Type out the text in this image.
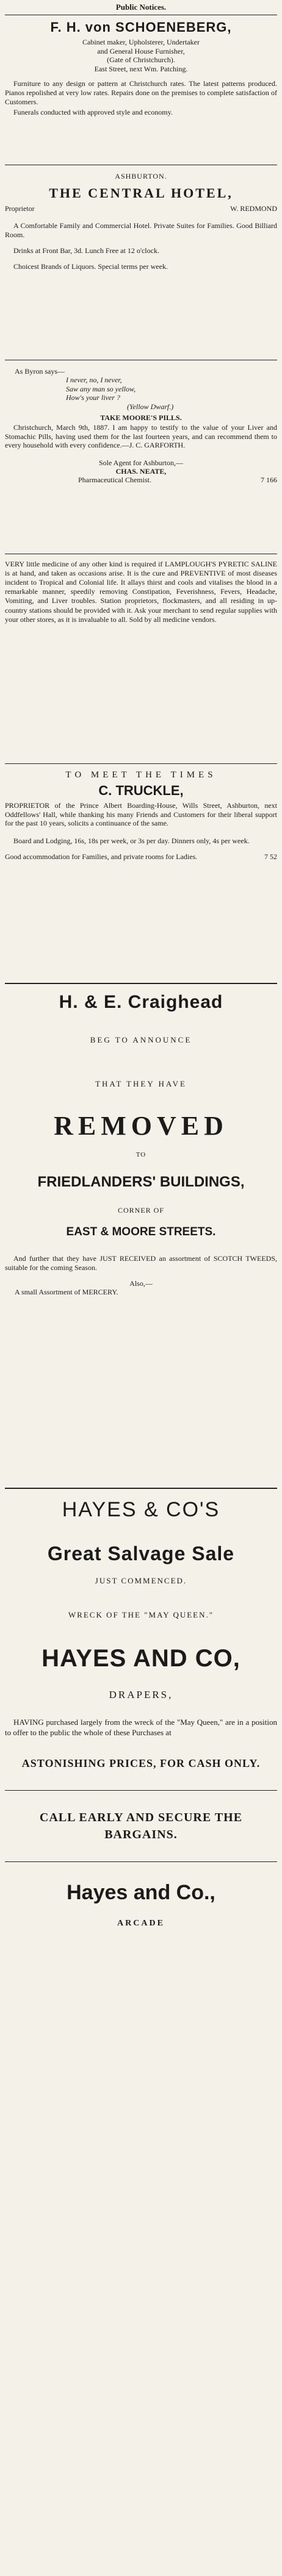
Public Notices.
F. H. von SCHOENEBERG,
Cabinet maker, Upholsterer, Undertaker
and General House Furnisher,
(Gate of Christchurch).
East Street, next Wm. Patching.

Furniture to any design or pattern at Christchurch rates. The latest patterns produced. Pianos repolished at very low rates. Repairs done on the premises to complete satisfaction of Customers.

Funerals conducted with approved style and economy.

ASHBURTON.
THE CENTRAL HOTEL,
Proprietor	W. REDMOND

A Comfortable Family and Commercial Hotel. Private Suites for Families. Good Billiard Room.

Drinks at Front Bar, 3d. Lunch Free at 12 o'clock.

Choicest Brands of Liquors. Special terms per week.

As Byron says—
I never, no, I never,
Saw any man so yellow,
How's your liver ?
(Yellow Dwarf.)
TAKE MOORE'S PILLS.

Christchurch, March 9th, 1887. I am happy to testify to the value of your Liver and Stomachic Pills, having used them for the last fourteen years, and can recommend them to every household with every confidence.—J. C. GARFORTH.

Sole Agent for Ashburton,—
CHAS. NEATE,
Pharmaceutical Chemist.	7 166

VERY little medicine of any other kind is required if LAMPLOUGH'S PYRETIC SALINE is at hand, and taken as occasions arise. It is the cure and PREVENTIVE of most diseases incident to Tropical and Colonial life. It allays thirst and cools and vitalises the blood in a remarkable manner, speedily removing Constipation, Feverishness, Fevers, Headache, Vomiting, and Liver troubles. Station proprietors, flockmasters, and all residing in up-country stations should be provided with it. Ask your merchant to send regular supplies with your other stores, as it is invaluable to all. Sold by all medicine vendors.

TO MEET THE TIMES
C. TRUCKLE,

PROPRIETOR of the Prince Albert Boarding-House, Wills Street, Ashburton, next Oddfellows' Hall, while thanking his many Friends and Customers for their liberal support for the past 10 years, solicits a continuance of the same.

Board and Lodging, 16s, 18s per week, or 3s per day. Dinners only, 4s per week.

Good accommodation for Families, and private rooms for Ladies.	7 52
H. & E. Craighead
BEG TO ANNOUNCE
THAT THEY HAVE
REMOVED
TO
FRIEDLANDERS' BUILDINGS,
CORNER OF
EAST & MOORE STREETS.

And further that they have JUST RECEIVED an assortment of SCOTCH TWEEDS, suitable for the coming Season.

Also,—
A small Assortment of MERCERY.
HAYES & CO'S
Great Salvage Sale
JUST COMMENCED.
WRECK OF THE "MAY QUEEN."
HAYES AND CO,
DRAPERS,

HAVING purchased largely from the wreck of the "May Queen," are in a position to offer to the public the whole of these Purchases at

ASTONISHING PRICES, FOR CASH ONLY.
CALL EARLY AND SECURE THE BARGAINS.
Hayes and Co.,
ARCADE
